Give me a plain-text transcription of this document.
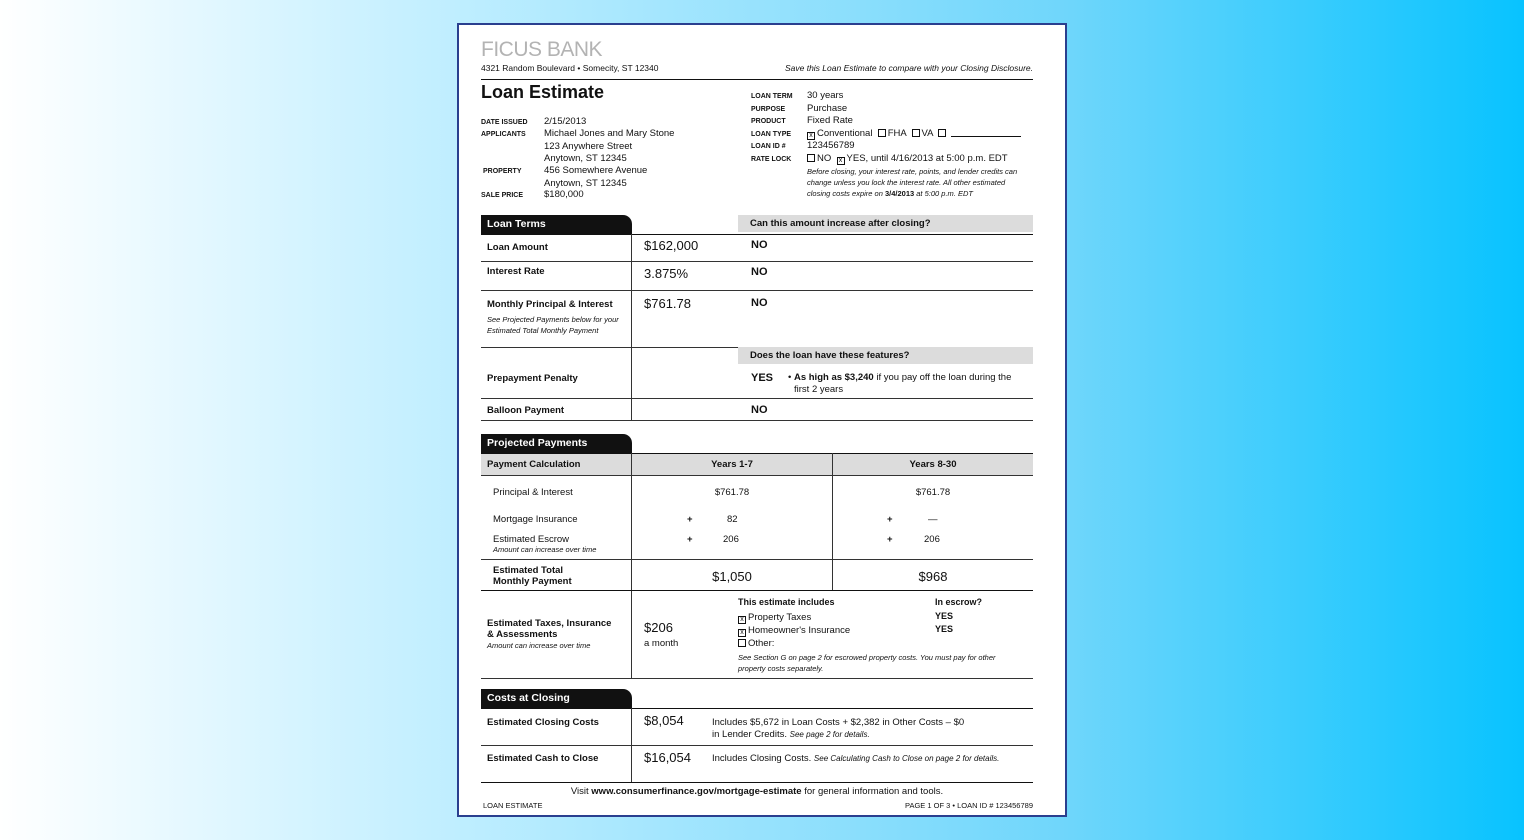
FICUS BANK
4321 Random Boulevard • Somecity, ST 12340	Save this Loan Estimate to compare with your Closing Disclosure.
Loan Estimate
DATE ISSUED 2/15/2013
APPLICANTS Michael Jones and Mary Stone
123 Anywhere Street
Anytown, ST 12345
PROPERTY 456 Somewhere Avenue
Anytown, ST 12345
SALE PRICE $180,000
LOAN TERM 30 years
PURPOSE Purchase
PRODUCT Fixed Rate
LOAN TYPE	x Conventional FHA VA
LOAN ID # 123456789
RATE LOCK	NO x YES, until 4/16/2013 at 5:00 p.m. EDT
Before closing, your interest rate, points, and lender credits can
change unless you lock the interest rate. All other estimated
closing costs expire on 3/4/2013 at 5:00 p.m. EDT
Loan Terms	Can this amount increase after closing?
Loan Amount	$162,000	NO
Interest Rate	3.875%	NO
Monthly Principal & Interest
See Projected Payments below for your
Estimated Total Monthly Payment
$761.78	NO
Does the loan have these features?
Prepayment Penalty	YES • As high as $3,240 if you pay off the loan during the
first 2 years
Balloon Payment	NO
Projected Payments
Payment Calculation	Years 1-7	Years 8-30
Principal & Interest	$761.78	$761.78
Mortgage Insurance	+	82	+	—
Estimated Escrow
Amount can increase over time
+	206	+	206
Estimated Total
Monthly Payment	$1,050	$968
Estimated Taxes, Insurance
& Assessments
Amount can increase over time
$206
a month
This estimate includes	In escrow?
x Property Taxes	YES
x Homeowner's Insurance	YES
Other:
See Section G on page 2 for escrowed property costs. You must pay for other
property costs separately.
Costs at Closing
Estimated Closing Costs	$8,054	Includes $5,672 in Loan Costs + $2,382 in Other Costs – $0
in Lender Credits. See page 2 for details.
Estimated Cash to Close	$16,054 Includes Closing Costs. See Calculating Cash to Close on page 2 for details.
Visit www.consumerfinance.gov/mortgage-estimate for general information and tools.
LOAN ESTIMATE	PAGE 1 OF 3 • LOAN ID # 123456789
